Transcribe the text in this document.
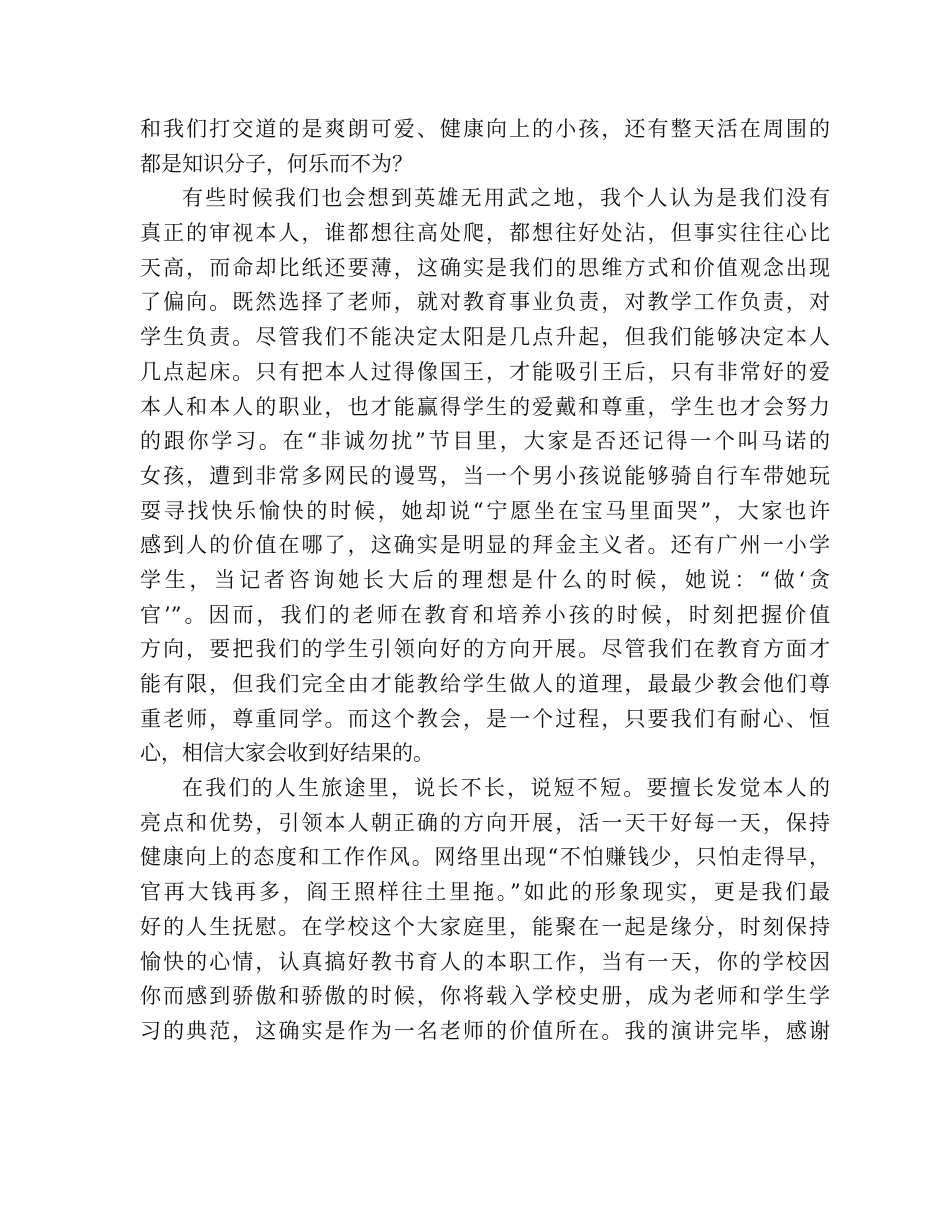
和我们打交道的是爽朗可爱、健康向上的小孩，还有整天活在周围的
都是知识分子，何乐而不为？
有些时候我们也会想到英雄无用武之地，我个人认为是我们没有
真正的审视本人，谁都想往高处爬，都想往好处沾，但事实往往心比
天高，而命却比纸还要薄，这确实是我们的思维方式和价值观念出现
了偏向。既然选择了老师，就对教育事业负责，对教学工作负责，对
学生负责。尽管我们不能决定太阳是几点升起，但我们能够决定本人
几点起床。只有把本人过得像国王，才能吸引王后，只有非常好的爱
本人和本人的职业，也才能赢得学生的爱戴和尊重，学生也才会努力
的跟你学习。在“非诚勿扰”节目里，大家是否还记得一个叫马诺的
女孩，遭到非常多网民的谩骂，当一个男小孩说能够骑自行车带她玩
耍寻找快乐愉快的时候，她却说“宁愿坐在宝马里面哭”，大家也许
感到人的价值在哪了，这确实是明显的拜金主义者。还有广州一小学
学生，当记者咨询她长大后的理想是什么的时候，她说：“做‘贪
官’”。因而，我们的老师在教育和培养小孩的时候，时刻把握价值
方向，要把我们的学生引领向好的方向开展。尽管我们在教育方面才
能有限，但我们完全由才能教给学生做人的道理，最最少教会他们尊
重老师，尊重同学。而这个教会，是一个过程，只要我们有耐心、恒
心，相信大家会收到好结果的。
在我们的人生旅途里，说长不长，说短不短。要擅长发觉本人的
亮点和优势，引领本人朝正确的方向开展，活一天干好每一天，保持
健康向上的态度和工作作风。网络里出现“不怕赚钱少，只怕走得早，
官再大钱再多，阎王照样往土里拖。”如此的形象现实，更是我们最
好的人生抚慰。在学校这个大家庭里，能聚在一起是缘分，时刻保持
愉快的心情，认真搞好教书育人的本职工作，当有一天，你的学校因
你而感到骄傲和骄傲的时候，你将载入学校史册，成为老师和学生学
习的典范，这确实是作为一名老师的价值所在。我的演讲完毕，感谢
